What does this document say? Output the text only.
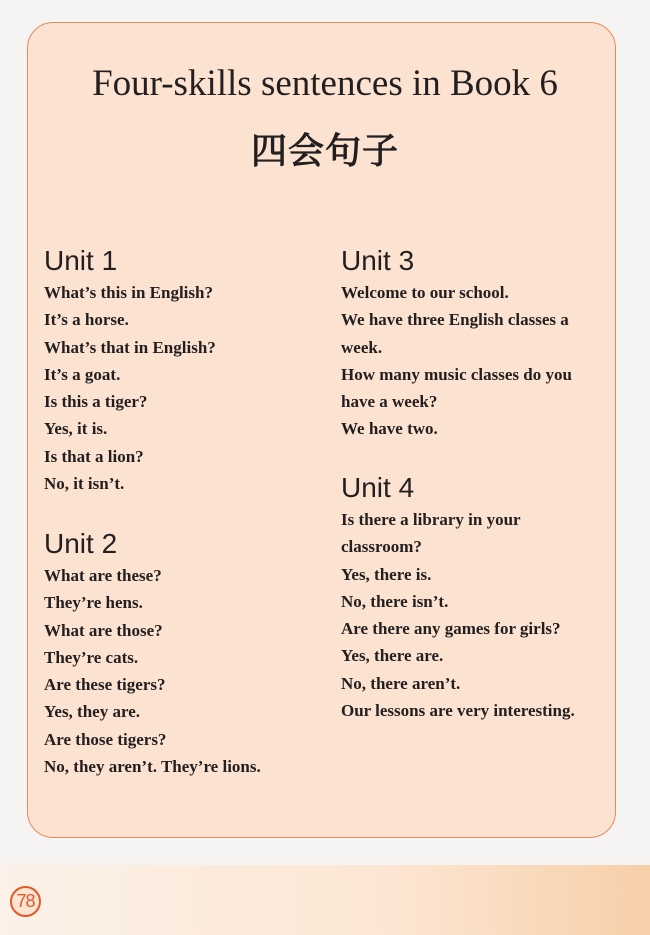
Four-skills sentences in Book 6
四会句子
Unit 1
What’s this in English?
It’s a horse.
What’s that in English?
It’s a goat.
Is this a tiger?
Yes, it is.
Is that a lion?
No, it isn’t.
Unit 2
What are these?
They’re hens.
What are those?
They’re cats.
Are these tigers?
Yes, they are.
Are those tigers?
No, they aren’t. They’re lions.
Unit 3
Welcome to our school.
We have three English classes a
week.
How many music classes do you
have a week?
We have two.
Unit 4
Is there a library in your
classroom?
Yes, there is.
No, there isn’t.
Are there any games for girls?
Yes, there are.
No, there aren’t.
Our lessons are very interesting.
78
